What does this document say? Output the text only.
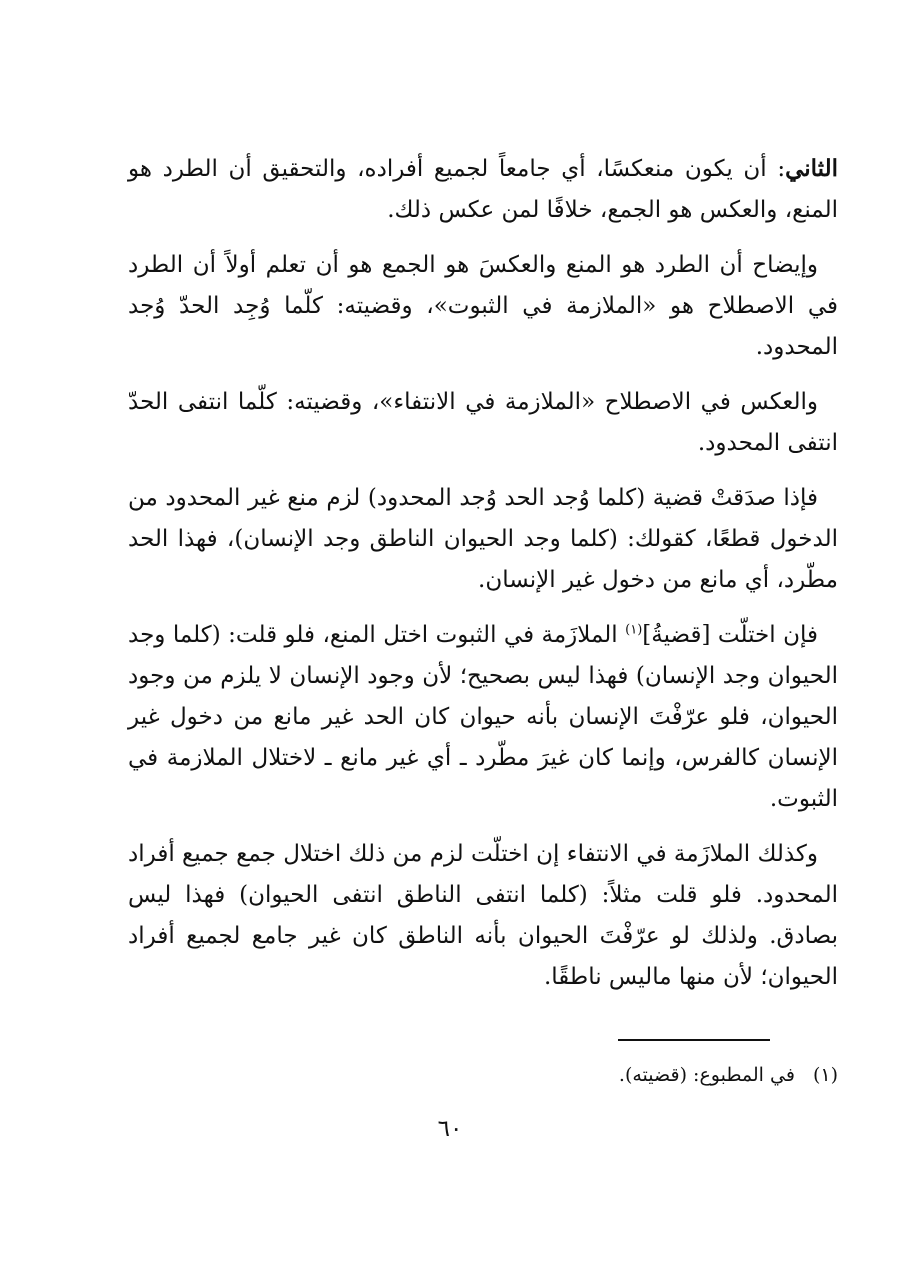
الثاني: أن يكون منعكسًا، أي جامعاً لجميع أفراده، والتحقيق أن الطرد هو المنع، والعكس هو الجمع، خلافًا لمن عكس ذلك.

وإيضاح أن الطرد هو المنع والعكسَ هو الجمع هو أن تعلم أولاً أن الطرد في الاصطلاح هو «الملازمة في الثبوت»، وقضيته: كلّما وُجِد الحدّ وُجد المحدود.

والعكس في الاصطلاح «الملازمة في الانتفاء»، وقضيته: كلّما انتفى الحدّ انتفى المحدود.

فإذا صدَقتْ قضية (كلما وُجد الحد وُجد المحدود) لزم منع غير المحدود من الدخول قطعًا، كقولك: (كلما وجد الحيوان الناطق وجد الإنسان)، فهذا الحد مطّرد، أي مانع من دخول غير الإنسان.

فإن اختلّت [قضيةُ]$^{(١)}$ الملازَمة في الثبوت اختل المنع، فلو قلت: (كلما وجد الحيوان وجد الإنسان) فهذا ليس بصحيح؛ لأن وجود الإنسان لا يلزم من وجود الحيوان، فلو عرّفْتَ الإنسان بأنه حيوان كان الحد غير مانع من دخول غير الإنسان كالفرس، وإنما كان غيرَ مطّرد ـ أي غير مانع ـ لاختلال الملازمة في الثبوت.

وكذلك الملازَمة في الانتفاء إن اختلّت لزم من ذلك اختلال جمع جميع أفراد المحدود. فلو قلت مثلاً: (كلما انتفى الناطق انتفى الحيوان) فهذا ليس بصادق. ولذلك لو عرّفْتَ الحيوان بأنه الناطق كان غير جامع لجميع أفراد الحيوان؛ لأن منها ماليس ناطقًا.

(١)في المطبوع: (قضيته).
٦٠
